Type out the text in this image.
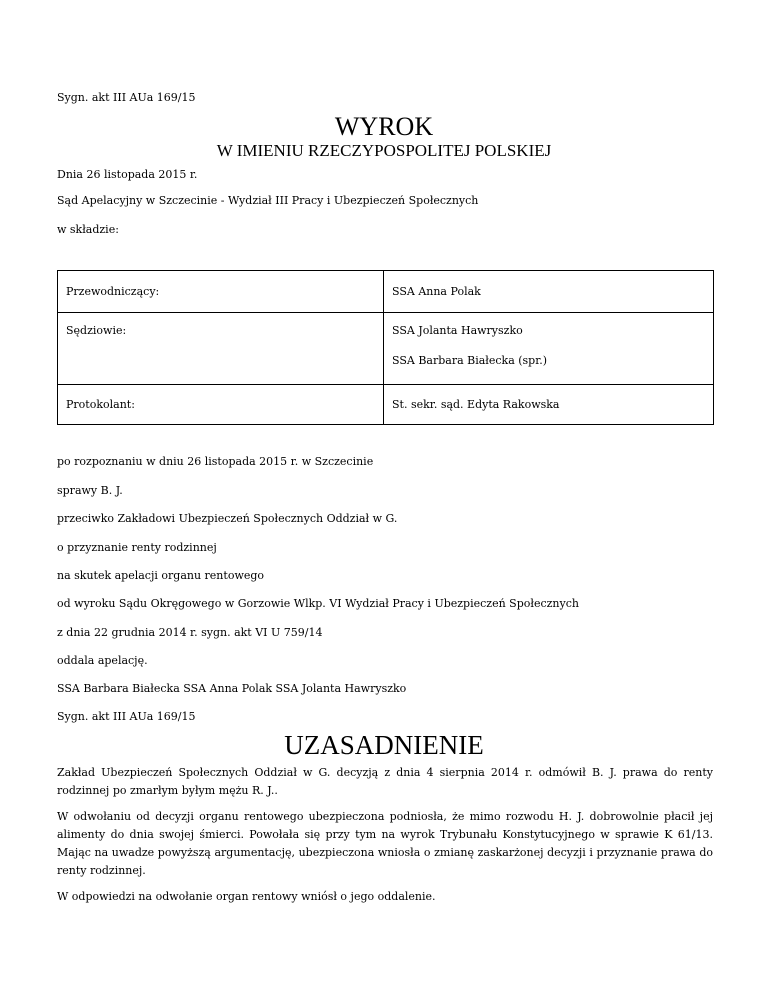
Sygn. akt III AUa 169/15
WYROK
W IMIENIU RZECZYPOSPOLITEJ POLSKIEJ
Dnia 26 listopada 2015 r.
Sąd Apelacyjny w Szczecinie - Wydział III Pracy i Ubezpieczeń Społecznych
w składzie:
Przewodniczący:	SSA Anna Polak

Sędziowie:	SSA Jolanta Hawryszko
SSA Barbara Białecka (spr.)

Protokolant:	St. sekr. sąd. Edyta Rakowska
po rozpoznaniu w dniu 26 listopada 2015 r. w Szczecinie
sprawy B. J.
przeciwko Zakładowi Ubezpieczeń Społecznych Oddział w G.
o przyznanie renty rodzinnej
na skutek apelacji organu rentowego
od wyroku Sądu Okręgowego w Gorzowie Wlkp. VI Wydział Pracy i Ubezpieczeń Społecznych
z dnia 22 grudnia 2014 r. sygn. akt VI U 759/14
oddala apelację.
SSA Barbara Białecka SSA Anna Polak SSA Jolanta Hawryszko
Sygn. akt III AUa 169/15
UZASADNIENIE
Zakład Ubezpieczeń Społecznych Oddział w G. decyzją z dnia 4 sierpnia 2014 r. odmówił B. J. prawa do renty rodzinnej po zmarłym byłym mężu R. J..
W odwołaniu od decyzji organu rentowego ubezpieczona podniosła, że mimo rozwodu H. J. dobrowolnie płacił jej alimenty do dnia swojej śmierci. Powołała się przy tym na wyrok Trybunału Konstytucyjnego w sprawie K 61/13. Mając na uwadze powyższą argumentację, ubezpieczona wniosła o zmianę zaskarżonej decyzji i przyznanie prawa do renty rodzinnej.
W odpowiedzi na odwołanie organ rentowy wniósł o jego oddalenie.
